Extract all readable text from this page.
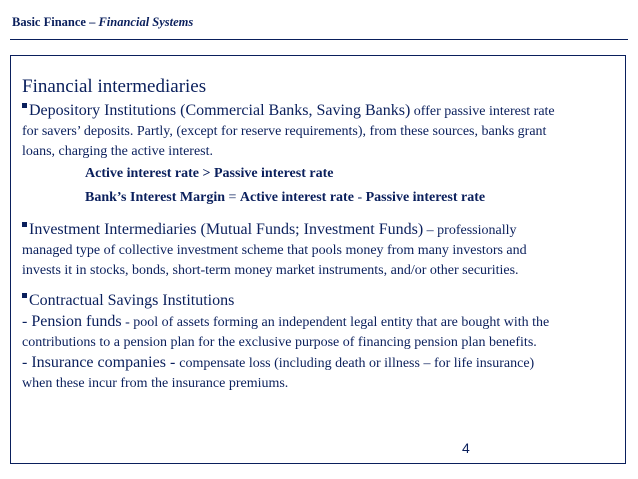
Basic Finance – Financial Systems
Financial intermediaries

Depository Institutions (Commercial Banks, Saving Banks) offer passive interest rate
for savers’ deposits. Partly, (except for reserve requirements), from these sources, banks grant
loans, charging the active interest.

Active interest rate > Passive interest rate
Bank’s Interest Margin = Active interest rate - Passive interest rate

Investment Intermediaries (Mutual Funds; Investment Funds) – professionally
managed type of collective investment scheme that pools money from many investors and
invests it in stocks, bonds, short-term money market instruments, and/or other securities.

Contractual Savings Institutions
- Pension funds - pool of assets forming an independent legal entity that are bought with the
contributions to a pension plan for the exclusive purpose of financing pension plan benefits.
- Insurance companies - compensate loss (including death or illness – for life insurance)
when these incur from the insurance premiums.

4
